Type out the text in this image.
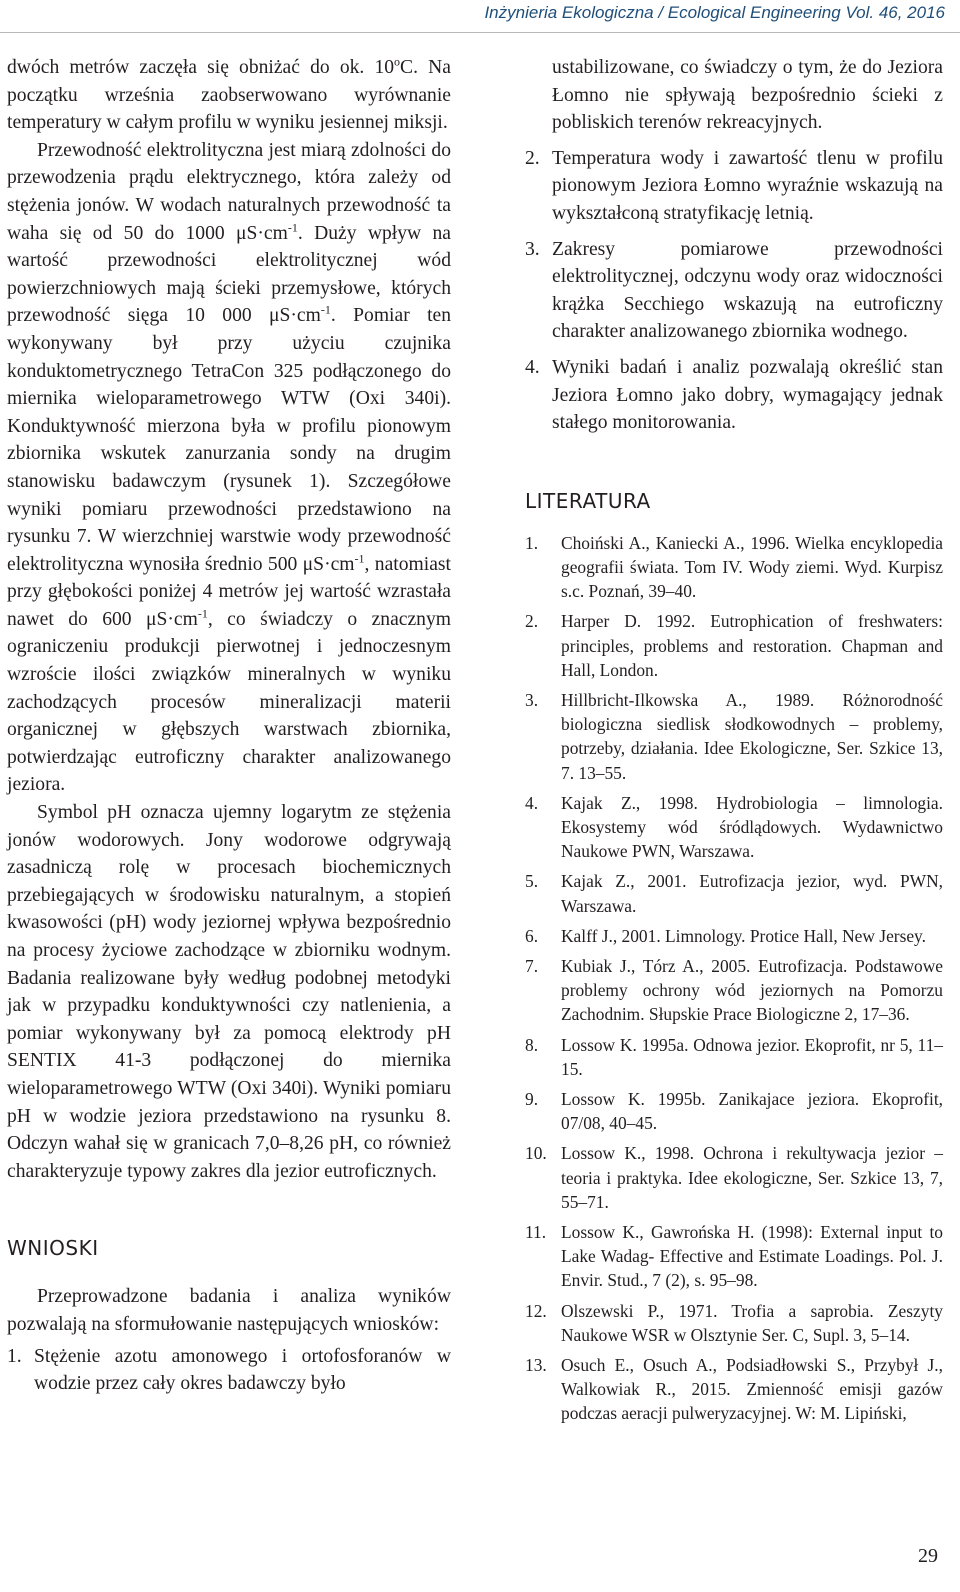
Inżynieria Ekologiczna / Ecological Engineering Vol. 46, 2016

dwóch metrów zaczęła się obniżać do ok. 10$^o$C. Na początku września zaobserwowano wyrównanie temperatury w całym profilu w wyniku jesiennej miksji.

Przewodność elektrolityczna jest miarą zdolności do przewodzenia prądu elektrycznego, która zależy od stężenia jonów. W wodach naturalnych przewodność ta waha się od 50 do 1000 $\mu S\cdot cm^{-1}$. Duży wpływ na wartość przewodności elektrolitycznej wód powierzchniowych mają ścieki przemysłowe, których przewodność sięga 10 000 $\mu S\cdot cm^{-1}$. Pomiar ten wykonywany był przy użyciu czujnika konduktometrycznego TetraCon 325 podłączonego do miernika wieloparametrowego WTW (Oxi 340i). Konduktywność mierzona była w profilu pionowym zbiornika wskutek zanurzania sondy na drugim stanowisku badawczym (rysunek 1). Szczegółowe wyniki pomiaru przewodności przedstawiono na rysunku 7. W wierzchniej warstwie wody przewodność elektrolityczna wynosiła średnio 500 $\mu S\cdot cm^{-1}$, natomiast przy głębokości poniżej 4 metrów jej wartość wzrastała nawet do 600 $\mu S\cdot cm^{-1}$, co świadczy o znacznym ograniczeniu produkcji pierwotnej i jednoczesnym wzroście ilości związków mineralnych w wyniku zachodzących procesów mineralizacji materii organicznej w głębszych warstwach zbiornika, potwierdzając eutroficzny charakter analizowanego jeziora.

Symbol pH oznacza ujemny logarytm ze stężenia jonów wodorowych. Jony wodorowe odgrywają zasadniczą rolę w procesach biochemicznych przebiegających w środowisku naturalnym, a stopień kwasowości (pH) wody jeziornej wpływa bezpośrednio na procesy życiowe zachodzące w zbiorniku wodnym. Badania realizowane były według podobnej metodyki jak w przypadku konduktywności czy natlenienia, a pomiar wykonywany był za pomocą elektrody pH SENTIX 41-3 podłączonej do miernika wieloparametrowego WTW (Oxi 340i). Wyniki pomiaru pH w wodzie jeziora przedstawiono na rysunku 8. Odczyn wahał się w granicach 7,0–8,26 pH, co również charakteryzuje typowy zakres dla jezior eutroficznych.

WNIOSKI

Przeprowadzone badania i analiza wyników pozwalają na sformułowanie następujących wniosków:

1. Stężenie azotu amonowego i ortofosforanów w wodzie przez cały okres badawczy było
ustabilizowane, co świadczy o tym, że do Jeziora Łomno nie spływają bezpośrednio ścieki z pobliskich terenów rekreacyjnych.
2. Temperatura wody i zawartość tlenu w profilu pionowym Jeziora Łomno wyraźnie wskazują na wykształconą stratyfikację letnią.
3. Zakresy pomiarowe przewodności elektrolitycznej, odczynu wody oraz widoczności krążka Secchiego wskazują na eutroficzny charakter analizowanego zbiornika wodnego.
4. Wyniki badań i analiz pozwalają określić stan Jeziora Łomno jako dobry, wymagający jednak stałego monitorowania.
LITERATURA
1. Choiński A., Kaniecki A., 1996. Wielka encyklopedia geografii świata. Tom IV. Wody ziemi. Wyd. Kurpisz s.c. Poznań, 39–40.
2. Harper D. 1992. Eutrophication of freshwaters: principles, problems and restoration. Chapman and Hall, London.
3. Hillbricht-Ilkowska A., 1989. Różnorodność biologiczna siedlisk słodkowodnych – problemy, potrzeby, działania. Idee Ekologiczne, Ser. Szkice 13, 7. 13–55.
4. Kajak Z., 1998. Hydrobiologia – limnologia. Ekosystemy wód śródlądowych. Wydawnictwo Naukowe PWN, Warszawa.
5. Kajak Z., 2001. Eutrofizacja jezior, wyd. PWN, Warszawa.
6. Kalff J., 2001. Limnology. Protice Hall, New Jersey.
7. Kubiak J., Tórz A., 2005. Eutrofizacja. Podstawowe problemy ochrony wód jeziornych na Pomorzu Zachodnim. Słupskie Prace Biologiczne 2, 17–36.
8. Lossow K. 1995a. Odnowa jezior. Ekoprofit, nr 5, 11–15.
9. Lossow K. 1995b. Zanikajace jeziora. Ekoprofit, 07/08, 40–45.
10. Lossow K., 1998. Ochrona i rekultywacja jezior – teoria i praktyka. Idee ekologiczne, Ser. Szkice 13, 7, 55–71.
11. Lossow K., Gawrońska H. (1998): External input to Lake Wadag- Effective and Estimate Loadings. Pol. J. Envir. Stud., 7 (2), s. 95–98.
12. Olszewski P., 1971. Trofia a saprobia. Zeszyty Naukowe WSR w Olsztynie Ser. C, Supl. 3, 5–14.
13. Osuch E., Osuch A., Podsiadłowski S., Przybył J., Walkowiak R., 2015. Zmienność emisji gazów podczas aeracji pulweryzacyjnej. W: M. Lipiński,
29
